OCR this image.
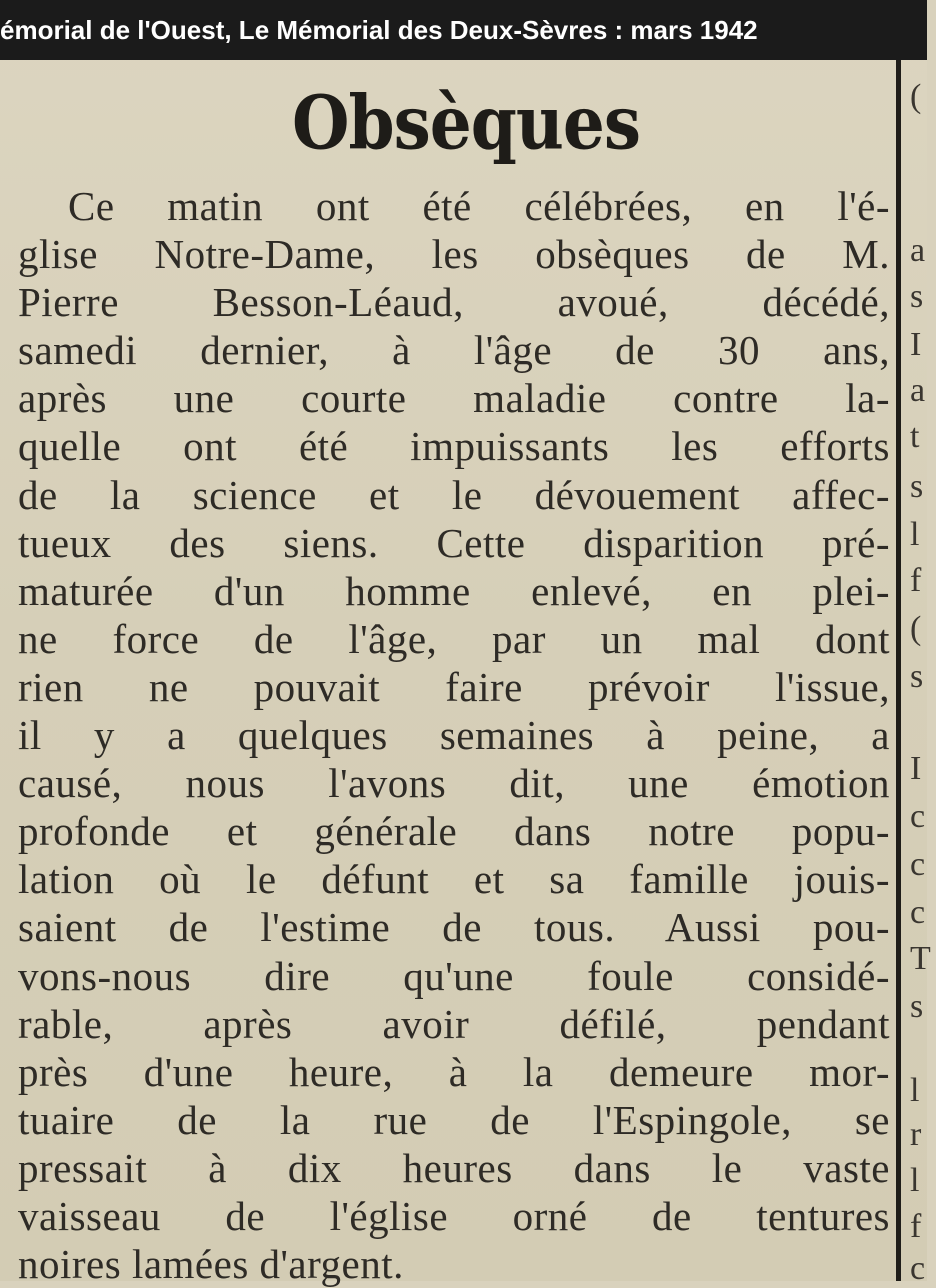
émorial de l'Ouest, Le Mémorial des Deux-Sèvres : mars 1942
Obsèques
Ce matin ont été célébrées, en l'é-
glise Notre-Dame, les obsèques de M.
Pierre Besson-Léaud, avoué, décédé,
samedi dernier, à l'âge de 30 ans,
après une courte maladie contre la-
quelle ont été impuissants les efforts
de la science et le dévouement affec-
tueux des siens. Cette disparition pré-
maturée d'un homme enlevé, en plei-
ne force de l'âge, par un mal dont
rien ne pouvait faire prévoir l'issue,
il y a quelques semaines à peine, a
causé, nous l'avons dit, une émotion
profonde et générale dans notre popu-
lation où le défunt et sa famille jouis-
saient de l'estime de tous. Aussi pou-
vons-nous dire qu'une foule considé-
rable, après avoir défilé, pendant
près d'une heure, à la demeure mor-
tuaire de la rue de l'Espingole, se
pressait à dix heures dans le vaste
vaisseau de l'église orné de tentures
noires lamées d'argent.
(
a
s
I
a
t
s
l
f
(
s
I
c
c
c
T
s
l
r
l
f
c
